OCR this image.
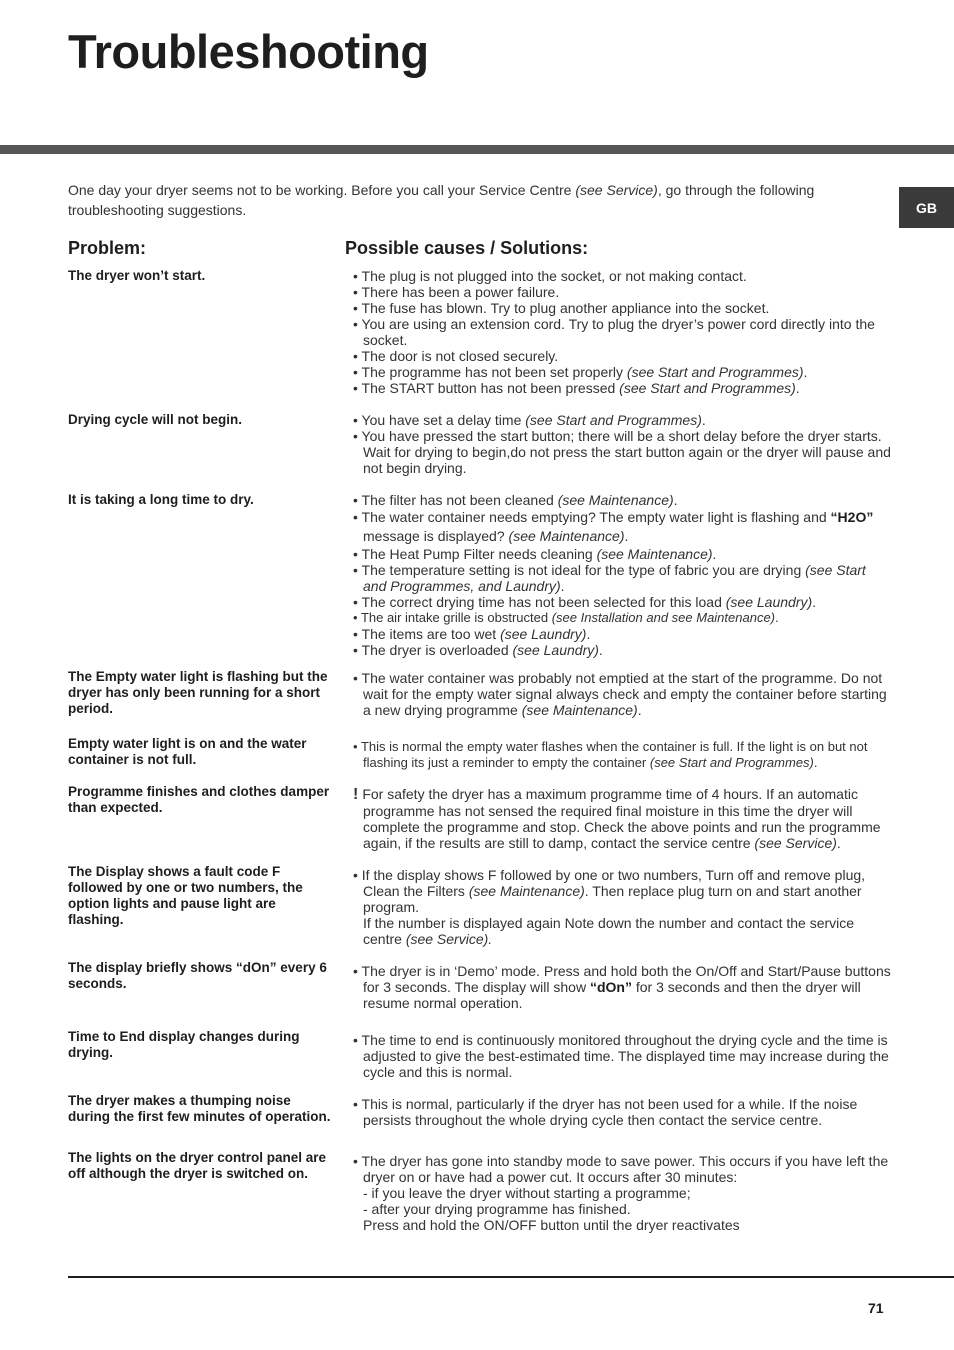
Troubleshooting
GB

One day your dryer seems not to be working. Before you call your Service Centre (see Service), go through the following troubleshooting suggestions.

Problem:	Possible causes / Solutions:

The dryer won’t start.	• The plug is not plugged into the socket, or not making contact.
• There has been a power failure.
• The fuse has blown. Try to plug another appliance into the socket.
• You are using an extension cord. Try to plug the dryer’s power cord directly into the socket.
• The door is not closed securely.
• The programme has not been set properly (see Start and Programmes).
• The START button has not been pressed (see Start and Programmes).

Drying cycle will not begin.	• You have set a delay time (see Start and Programmes).
• You have pressed the start button; there will be a short delay before the dryer starts. Wait for drying to begin,do not press the start button again or the dryer will pause and not begin drying.

It is taking a long time to dry.	• The filter has not been cleaned (see Maintenance).
• The water container needs emptying? The empty water light is flashing and “H2O” message is displayed? (see Maintenance).
• The Heat Pump Filter needs cleaning (see Maintenance).
• The temperature setting is not ideal for the type of fabric you are drying (see Start and Programmes, and Laundry).
• The correct drying time has not been selected for this load (see Laundry).
• The air intake grille is obstructed (see Installation and see Maintenance).
• The items are too wet (see Laundry).
• The dryer is overloaded (see Laundry).

The Empty water light is flashing but the dryer has only been running for a short period.

• The water container was probably not emptied at the start of the programme. Do not wait for the empty water signal always check and empty the container before starting a new drying programme (see Maintenance).

Empty water light is on and the water container is not full.

• This is normal the empty water flashes when the container is full. If the light is on but not flashing its just a reminder to empty the container (see Start and Programmes).

Programme finishes and clothes damper than expected.

! For safety the dryer has a maximum programme time of 4 hours. If an automatic programme has not sensed the required final moisture in this time the dryer will complete the programme and stop. Check the above points and run the programme again, if the results are still to damp, contact the service centre (see Service).

The Display shows a fault code F followed by one or two numbers, the option lights and pause light are flashing.

• If the display shows F followed by one or two numbers, Turn off and remove plug, Clean the Filters (see Maintenance). Then replace plug turn on and start another program.
If the number is displayed again Note down the number and contact the service centre (see Service).

The display briefly shows “dOn” every 6 seconds.

• The dryer is in ‘Demo’ mode. Press and hold both the On/Off and Start/Pause buttons for 3 seconds. The display will show “dOn” for 3 seconds and then the dryer will resume normal operation.

Time to End display changes during drying.

• The time to end is continuously monitored throughout the drying cycle and the time is adjusted to give the best-estimated time. The displayed time may increase during the cycle and this is normal.

The dryer makes a thumping noise during the first few minutes of operation.

• This is normal, particularly if the dryer has not been used for a while. If the noise persists throughout the whole drying cycle then contact the service centre.

The lights on the dryer control panel are off although the dryer is switched on.

• The dryer has gone into standby mode to save power. This occurs if you have left the dryer on or have had a power cut. It occurs after 30 minutes:
- if you leave the dryer without starting a programme;
- after your drying programme has finished.
Press and hold the ON/OFF button until the dryer reactivates
71
